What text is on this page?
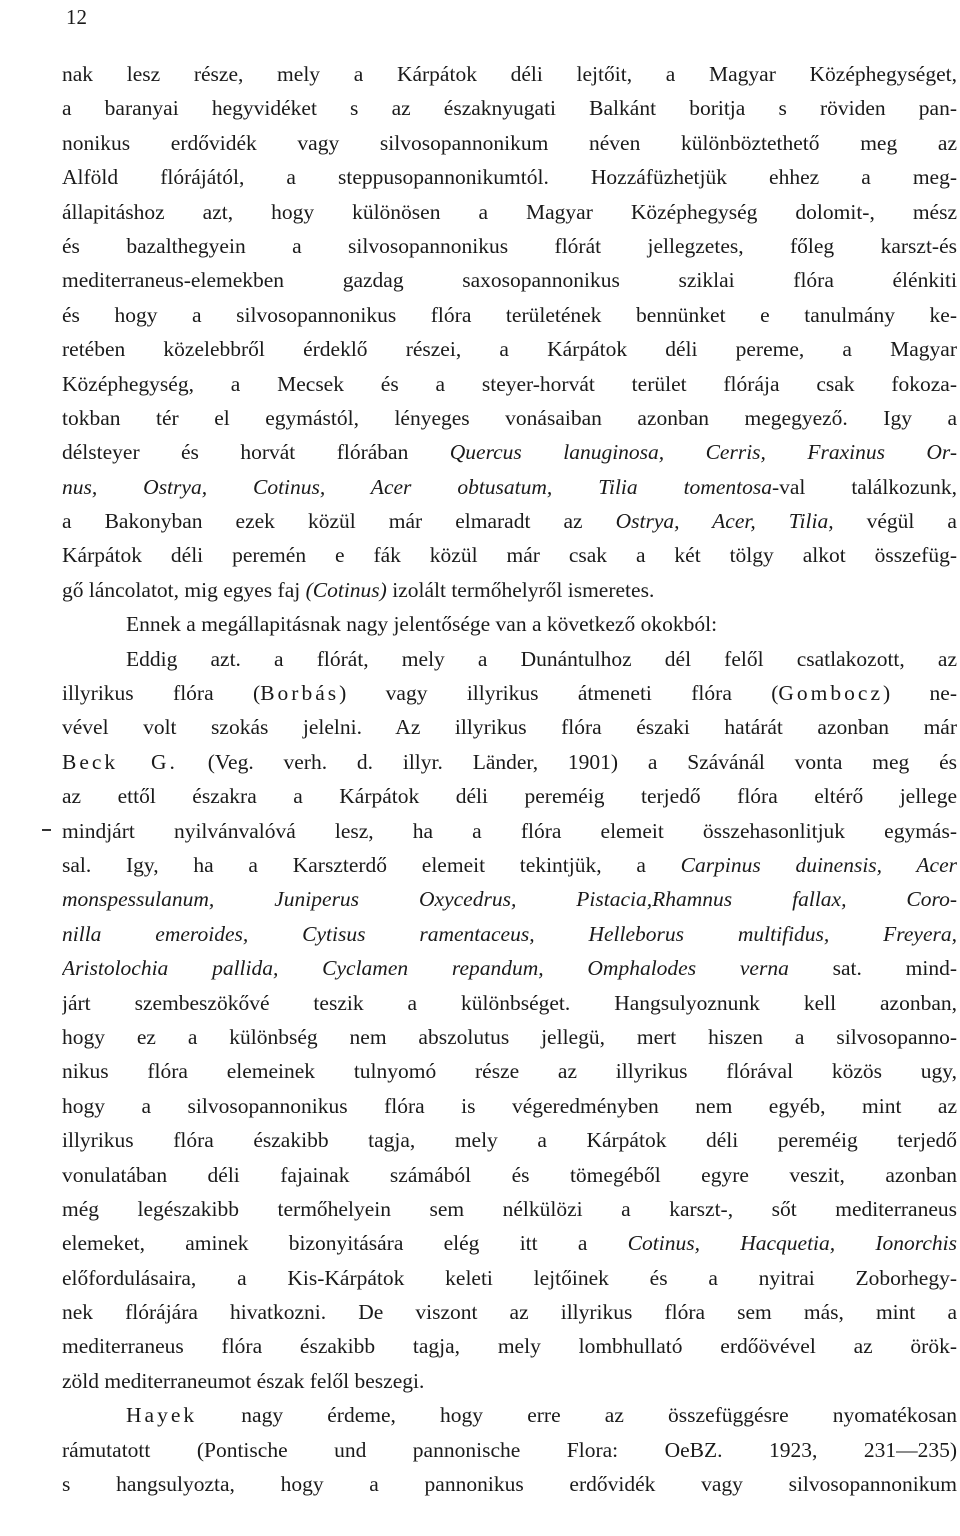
12
nak lesz része, mely a Kárpátok déli lejtőit, a Magyar Középhegységet,
a baranyai hegyvidéket s az északnyugati Balkánt boritja s röviden pan-
nonikus erdővidék vagy silvosopannonikum néven különböztethető meg az
Alföld flórájától, a steppusopannonikumtól. Hozzáfüzhetjük ehhez a meg-
állapitáshoz azt, hogy különösen a Magyar Középhegység dolomit-, mész
és bazalthegyein a silvosopannonikus flórát jellegzetes, főleg karszt-és
mediterraneus-elemekben gazdag saxosopannonikus sziklai flóra élénkiti
és hogy a silvosopannonikus flóra területének bennünket e tanulmány ke-
retében közelebbről érdeklő részei, a Kárpátok déli pereme, a Magyar
Középhegység, a Mecsek és a steyer-horvát terület flórája csak fokoza-
tokban tér el egymástól, lényeges vonásaiban azonban megegyező. Igy a
délsteyer és horvát flórában Quercus lanuginosa, Cerris, Fraxinus Or-
nus, Ostrya, Cotinus, Acer obtusatum, Tilia tomentosa-val találkozunk,
a Bakonyban ezek közül már elmaradt az Ostrya, Acer, Tilia, végül a
Kárpátok déli peremén e fák közül már csak a két tölgy alkot összefüg-
gő láncolatot, mig egyes faj (Cotinus) izolált termőhelyről ismeretes.
Ennek a megállapitásnak nagy jelentősége van a következő okokból:
Eddig azt. a flórát, mely a Dunántulhoz dél felől csatlakozott, az
illyrikus flóra (Borbás) vagy illyrikus átmeneti flóra (Gombocz) ne-
vével volt szokás jelelni. Az illyrikus flóra északi határát azonban már
Beck G. (Veg. verh. d. illyr. Länder, 1901) a Szávánál vonta meg és
az ettől északra a Kárpátok déli pereméig terjedő flóra eltérő jellege
mindjárt nyilvánvalóvá lesz, ha a flóra elemeit összehasonlitjuk egymás-
sal. Igy, ha a Karszterdő elemeit tekintjük, a Carpinus duinensis, Acer
monspessulanum, Juniperus Oxycedrus, Pistacia,Rhamnus fallax, Coro-
nilla emeroides, Cytisus ramentaceus, Helleborus multifidus, Freyera,
Aristolochia pallida, Cyclamen repandum, Omphalodes verna sat. mind-
járt szembeszökővé teszik a különbséget. Hangsulyoznunk kell azonban,
hogy ez a különbség nem abszolutus jellegü, mert hiszen a silvosopanno-
nikus flóra elemeinek tulnyomó része az illyrikus flórával közös ugy,
hogy a silvosopannonikus flóra is végeredményben nem egyéb, mint az
illyrikus flóra északibb tagja, mely a Kárpátok déli pereméig terjedő
vonulatában déli fajainak számából és tömegéből egyre veszit, azonban
még legészakibb termőhelyein sem nélkülözi a karszt-, sőt mediterraneus
elemeket, aminek bizonyitására elég itt a Cotinus, Hacquetia, Ionorchis
előfordulásaira, a Kis-Kárpátok keleti lejtőinek és a nyitrai Zoborhegy-
nek flórájára hivatkozni. De viszont az illyrikus flóra sem más, mint a
mediterraneus flóra északibb tagja, mely lombhullató erdőövével az örök-
zöld mediterraneumot észak felől beszegi.
Hayek nagy érdeme, hogy erre az összefüggésre nyomatékosan
rámutatott (Pontische und pannonische Flora: OeBZ. 1923, 231—235)
s hangsulyozta, hogy a pannonikus erdővidék vagy silvosopannonikum
